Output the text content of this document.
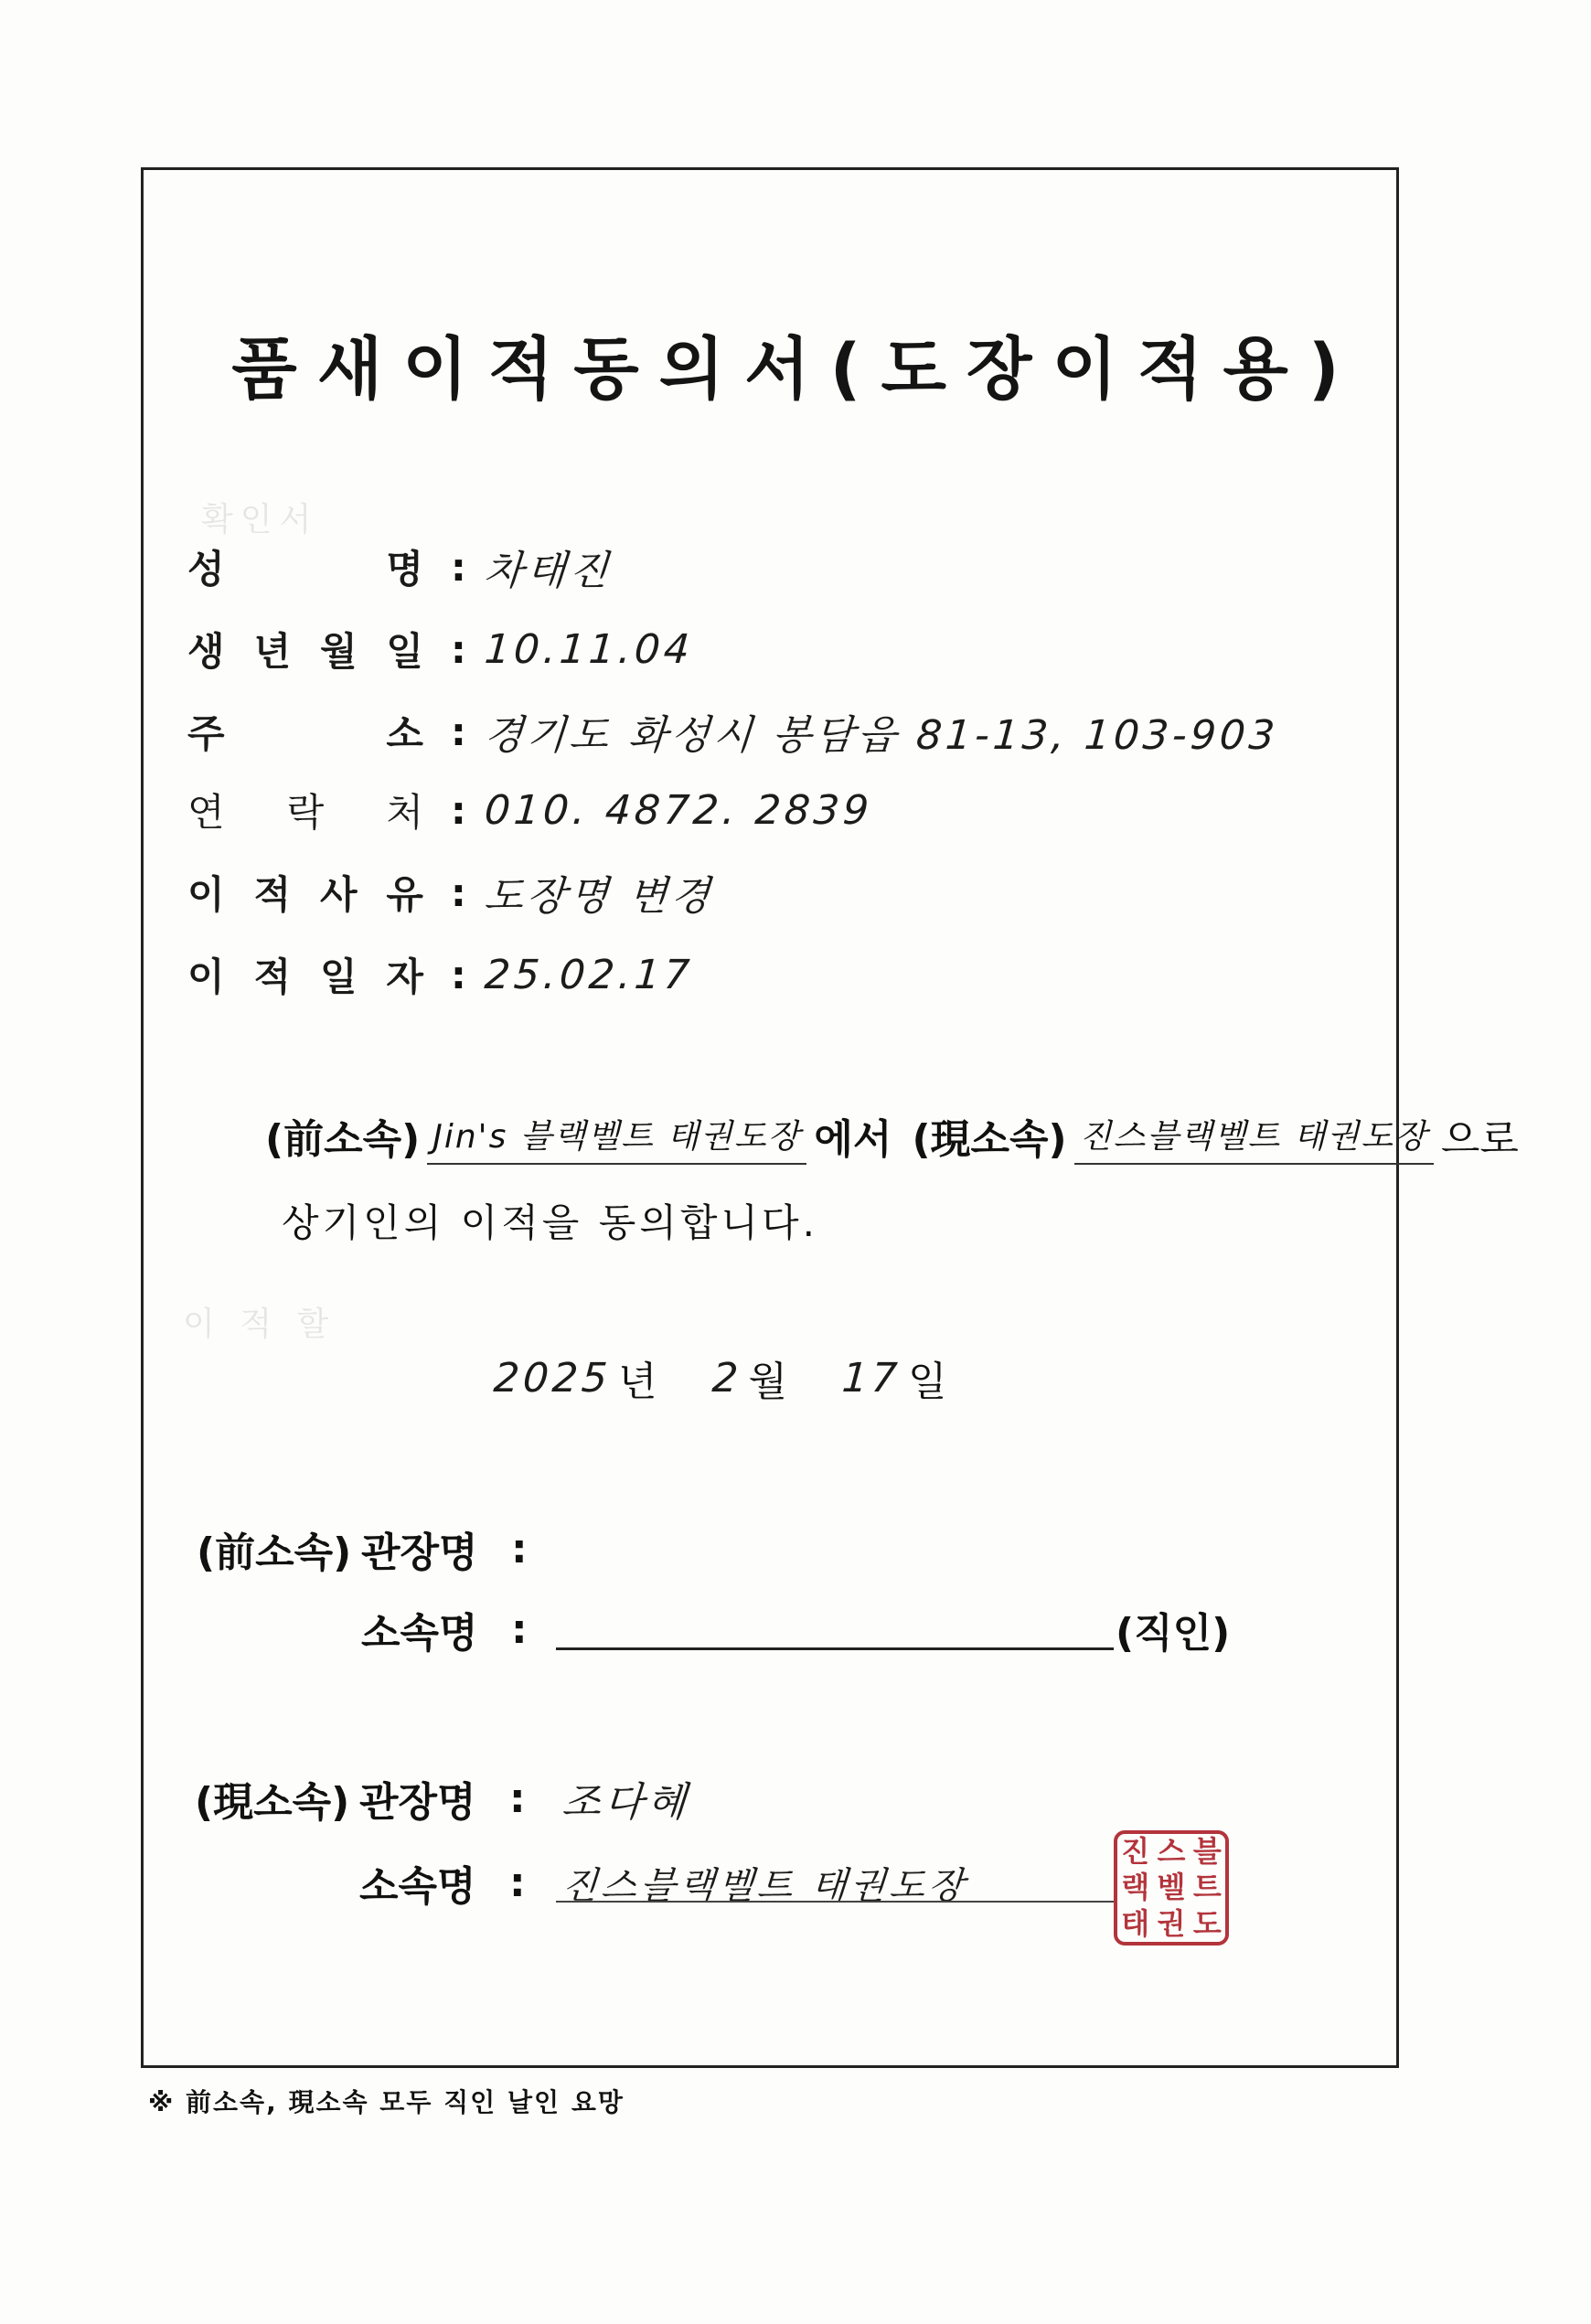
확인서
이 적 할
품새이적동의서(도장이적용)
성	명 : 차태진
생 년 월 일 : 10.11.04
주	소 : 경기도 화성시 봉담읍 81-13, 103-903
연 락 처 : 010. 4872. 2839
이 적 사 유 : 도장명 변경
이 적 일 자 : 25.02.17
(前소속) Jin's 블랙벨트 태권도장 에서 (現소속) 진스블랙벨트 태권도장 으로
상기인의 이적을 동의합니다.
2025 년 2 월 17 일
(前소속) 관장명 :
소속명 :	(직인)
(現소속) 관장명 : 조다혜
소속명 : 진스블랙벨트 태권도장
진 스 블
랙 벨 트
태 권 도
※ 前소속, 現소속 모두 직인 날인 요망
